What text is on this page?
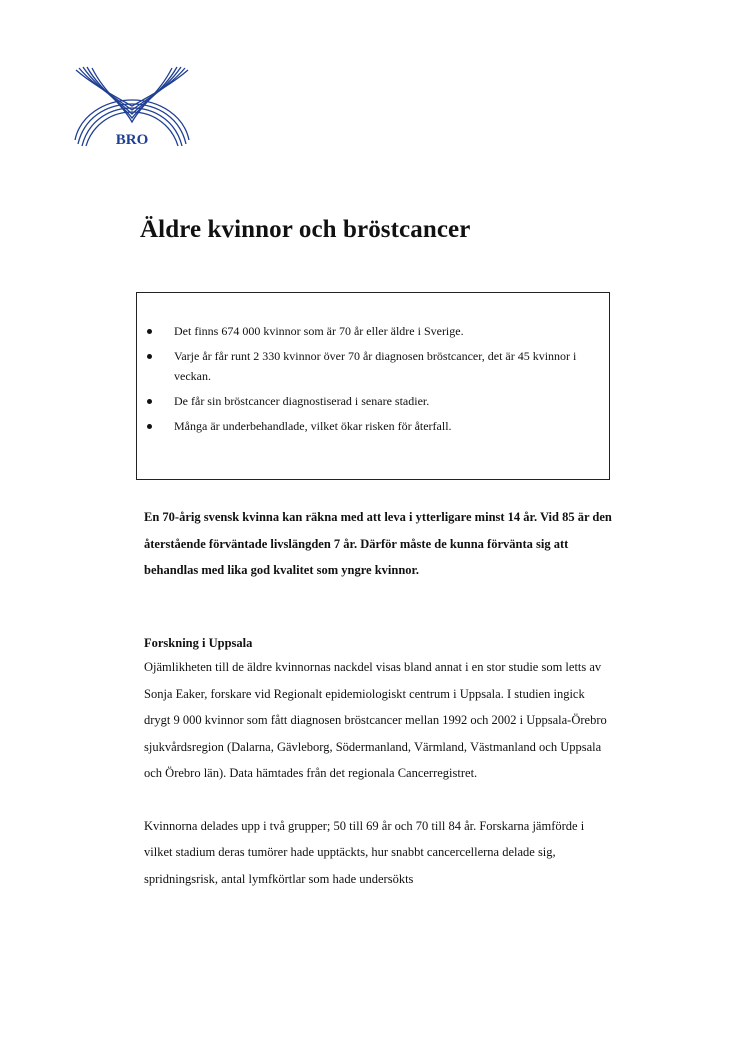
BRO
Äldre kvinnor och bröstcancer
Det finns 674 000 kvinnor som är 70 år eller äldre i Sverige.
Varje år får runt 2 330 kvinnor över 70 år diagnosen bröstcancer, det är 45 kvinnor i veckan.
De får sin bröstcancer diagnostiserad i senare stadier.
Många är underbehandlade, vilket ökar risken för återfall.

En 70-årig svensk kvinna kan räkna med att leva i ytterligare minst 14 år. Vid 85 är den återstående förväntade livslängden 7 år. Därför måste de kunna förvänta sig att behandlas med lika god kvalitet som yngre kvinnor.

Forskning i Uppsala

Ojämlikheten till de äldre kvinnornas nackdel visas bland annat i en stor studie som letts av Sonja Eaker, forskare vid Regionalt epidemiologiskt centrum i Uppsala. I studien ingick drygt 9 000 kvinnor som fått diagnosen bröstcancer mellan 1992 och 2002 i Uppsala-Örebro sjukvårdsregion (Dalarna, Gävleborg, Södermanland, Värmland, Västmanland och Uppsala och Örebro län). Data hämtades från det regionala Cancerregistret.

Kvinnorna delades upp i två grupper; 50 till 69 år och 70 till 84 år. Forskarna jämförde i vilket stadium deras tumörer hade upptäckts, hur snabbt cancercellerna delade sig, spridningsrisk, antal lymfkörtlar som hade undersökts
